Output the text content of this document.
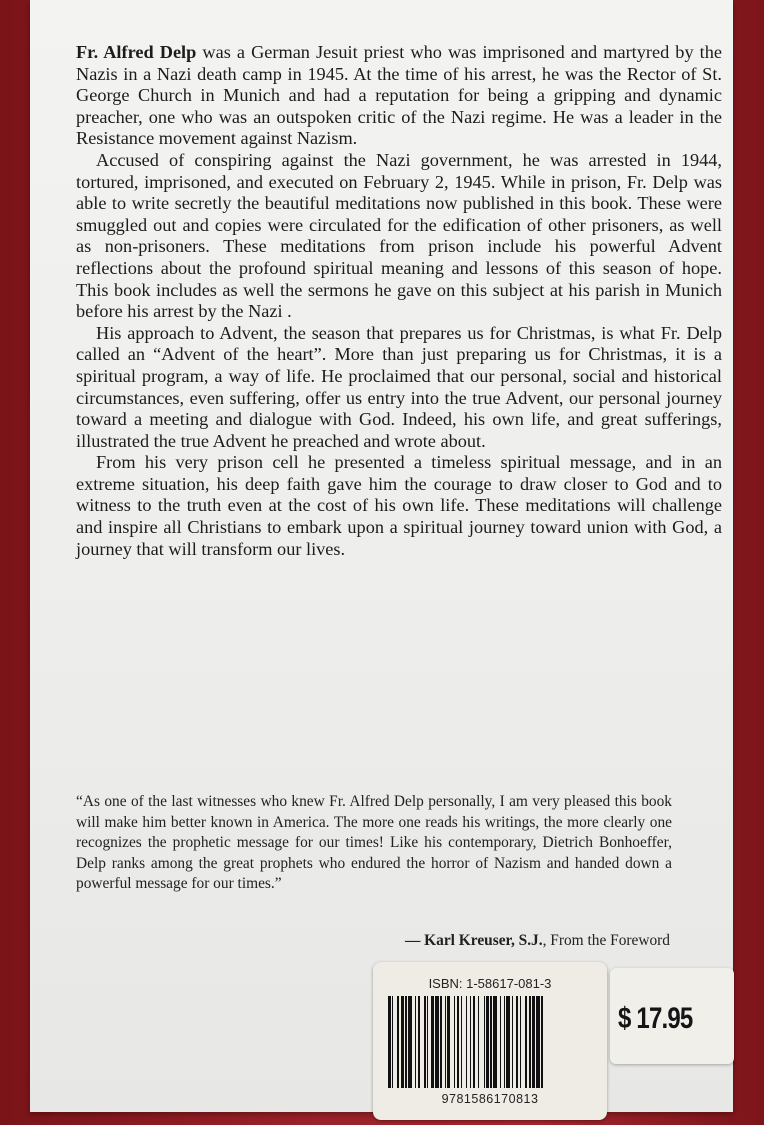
Fr. Alfred Delp was a German Jesuit priest who was imprisoned and martyred by the Nazis in a Nazi death camp in 1945. At the time of his arrest, he was the Rector of St. George Church in Munich and had a reputation for being a gripping and dynamic preacher, one who was an outspoken critic of the Nazi regime. He was a leader in the Resistance movement against Nazism.

Accused of conspiring against the Nazi government, he was arrested in 1944, tortured, imprisoned, and executed on February 2, 1945. While in prison, Fr. Delp was able to write secretly the beautiful meditations now published in this book. These were smuggled out and copies were circulated for the edification of other prisoners, as well as non-prisoners. These meditations from prison include his powerful Advent reflections about the profound spiritual meaning and lessons of this season of hope. This book includes as well the sermons he gave on this subject at his parish in Munich before his arrest by the Nazi .

His approach to Advent, the season that prepares us for Christmas, is what Fr. Delp called an “Advent of the heart”. More than just preparing us for Christmas, it is a spiritual program, a way of life. He proclaimed that our personal, social and historical circumstances, even suffering, offer us entry into the true Advent, our personal journey toward a meeting and dialogue with God. Indeed, his own life, and great sufferings, illustrated the true Advent he preached and wrote about.

From his very prison cell he presented a timeless spiritual message, and in an extreme situation, his deep faith gave him the courage to draw closer to God and to witness to the truth even at the cost of his own life. These meditations will challenge and inspire all Christians to embark upon a spiritual journey toward union with God, a journey that will transform our lives.

“As one of the last witnesses who knew Fr. Alfred Delp personally, I am very pleased this book will make him better known in America. The more one reads his writings, the more clearly one recognizes the prophetic message for our times! Like his contemporary, Dietrich Bonhoeffer, Delp ranks among the great prophets who endured the horror of Nazism and handed down a powerful message for our times.”
— Karl Kreuser, S.J., From the Foreword
ISBN: 1-58617-081-3
9781586170813
$ 17.95
